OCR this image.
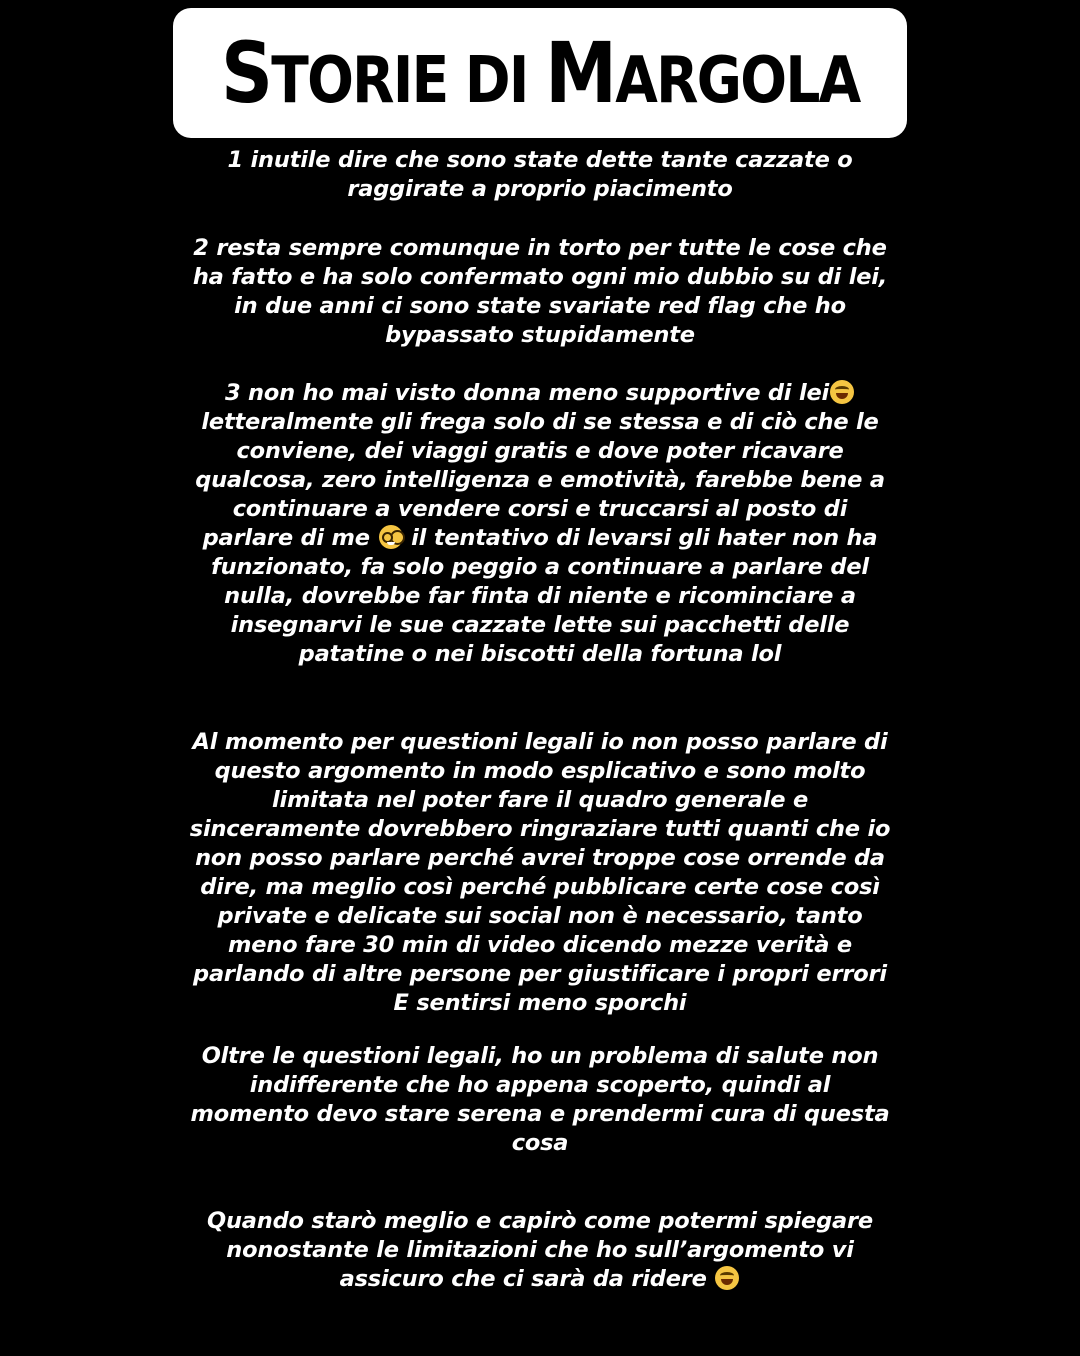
STORIE DI MARGOLA
1 inutile dire che sono state dette tante cazzate o
raggirate a proprio piacimento
2 resta sempre comunque in torto per tutte le cose che
ha fatto e ha solo confermato ogni mio dubbio su di lei,
in due anni ci sono state svariate red flag che ho
bypassato stupidamente
3 non ho mai visto donna meno supportive di lei
letteralmente gli frega solo di se stessa e di ciò che le
conviene, dei viaggi gratis e dove poter ricavare
qualcosa, zero intelligenza e emotività, farebbe bene a
continuare a vendere corsi e truccarsi al posto di
parlare di me il tentativo di levarsi gli hater non ha
funzionato, fa solo peggio a continuare a parlare del
nulla, dovrebbe far finta di niente e ricominciare a
insegnarvi le sue cazzate lette sui pacchetti delle
patatine o nei biscotti della fortuna lol
Al momento per questioni legali io non posso parlare di
questo argomento in modo esplicativo e sono molto
limitata nel poter fare il quadro generale e
sinceramente dovrebbero ringraziare tutti quanti che io
non posso parlare perché avrei troppe cose orrende da
dire, ma meglio così perché pubblicare certe cose così
private e delicate sui social non è necessario, tanto
meno fare 30 min di video dicendo mezze verità e
parlando di altre persone per giustificare i propri errori
E sentirsi meno sporchi
Oltre le questioni legali, ho un problema di salute non
indifferente che ho appena scoperto, quindi al
momento devo stare serena e prendermi cura di questa
cosa
Quando starò meglio e capirò come potermi spiegare
nonostante le limitazioni che ho sull’argomento vi
assicuro che ci sarà da ridere
